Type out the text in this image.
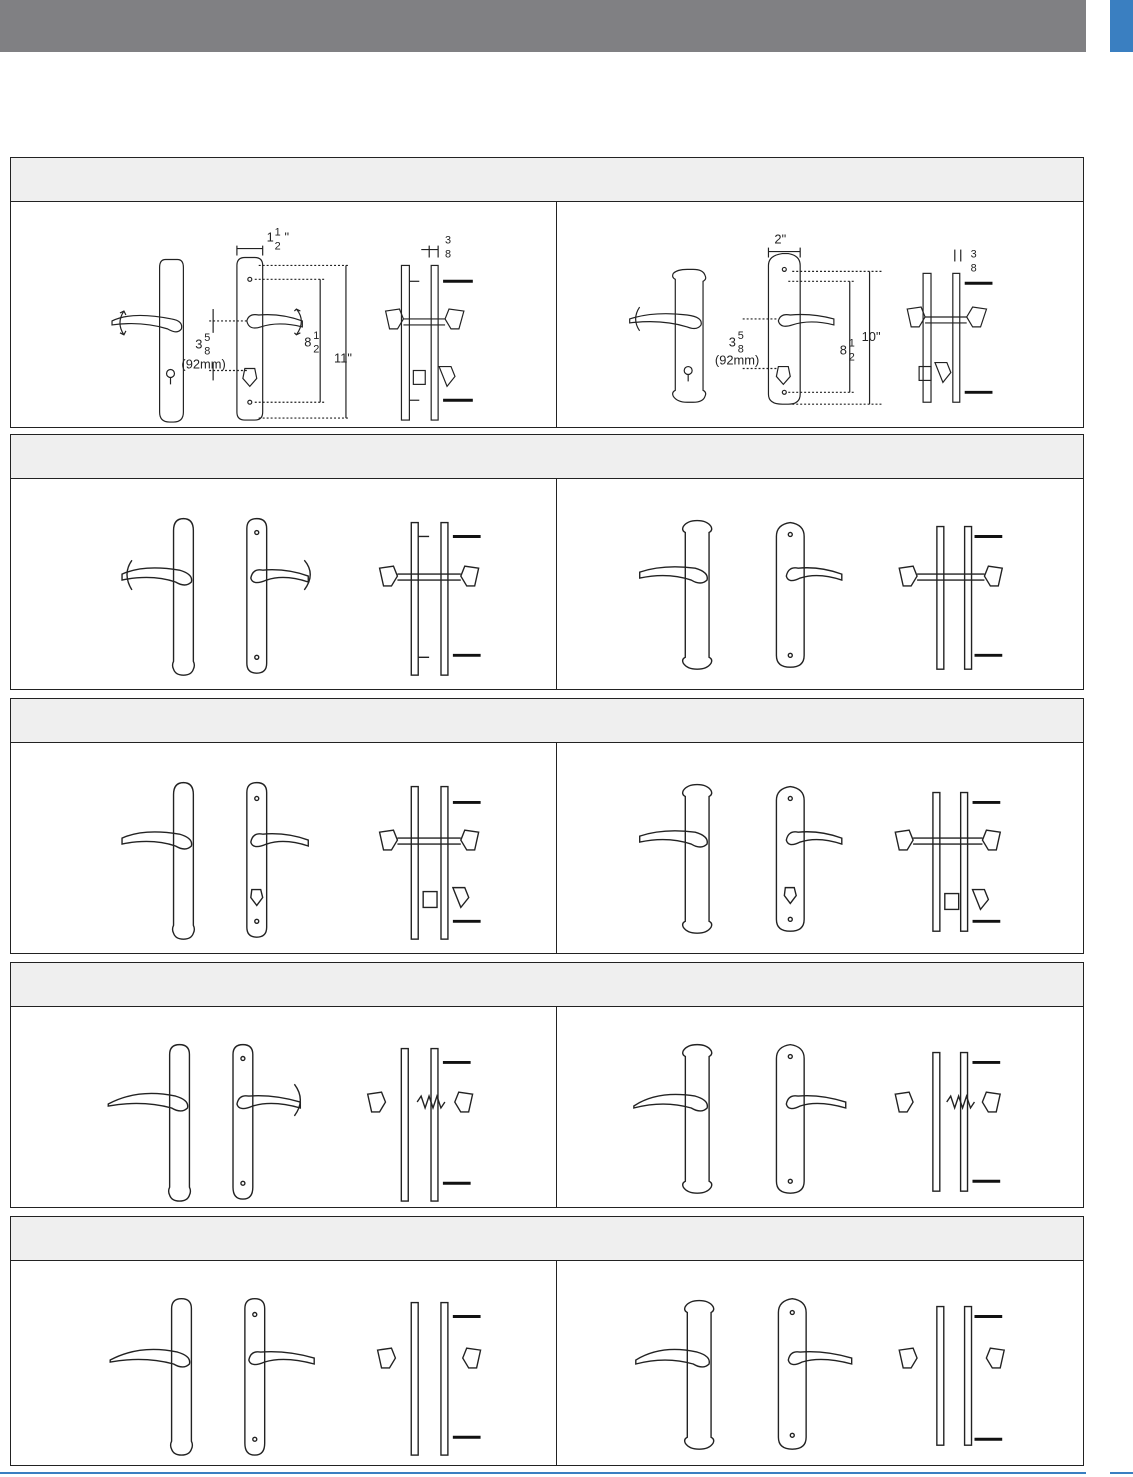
1 1
2
"
3 5
8
(92mm)
8 1
2
11"
3
8
2"
3 5
8
(92mm)
8 1
2
10"
3
8
